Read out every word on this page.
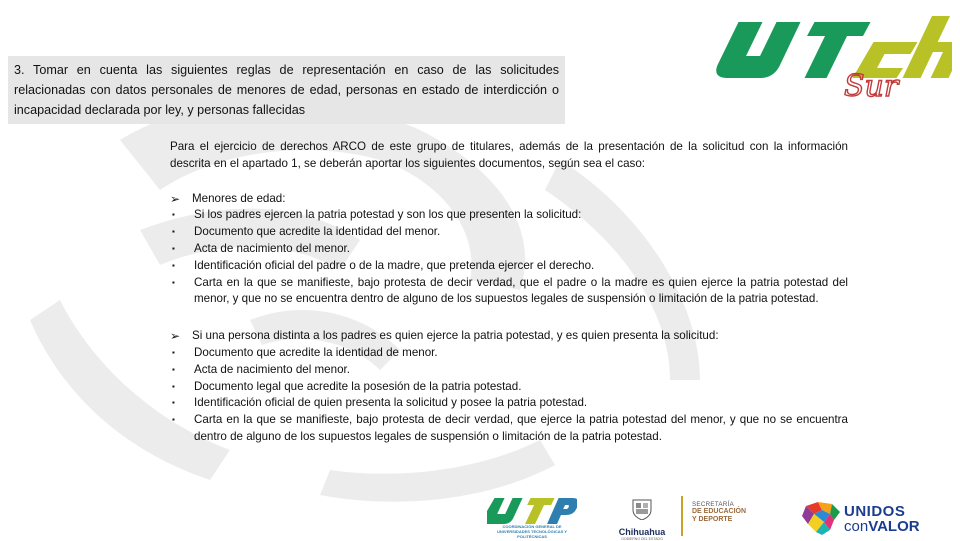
3. Tomar en cuenta las siguientes reglas de representación en caso de las solicitudes relacionadas con datos personales de menores de edad, personas en estado de interdicción o incapacidad declarada por ley, y personas fallecidas
Sur

Para el ejercicio de derechos ARCO de este grupo de titulares, además de la presentación de la solicitud con la información descrita en el apartado 1, se deberán aportar los siguientes documentos, según sea el caso:

➢	Menores de edad:
▪	Si los padres ejercen la patria potestad y son los que presenten la solicitud:
▪	Documento que acredite la identidad del menor.
▪	Acta de nacimiento del menor.
▪	Identificación oficial del padre o de la madre, que pretenda ejercer el derecho.
▪	Carta en la que se manifieste, bajo protesta de decir verdad, que el padre o la madre es quien ejerce la patria potestad del menor, y que no se encuentra dentro de alguno de los supuestos legales de suspensión o limitación de la patria potestad.
➢	Si una persona distinta a los padres es quien ejerce la patria potestad, y es quien presenta la solicitud:
▪	Documento que acredite la identidad de menor.
▪	Acta de nacimiento del menor.
▪	Documento legal que acredite la posesión de la patria potestad.
▪	Identificación oficial de quien presenta la solicitud y posee la patria potestad.
▪	Carta en la que se manifieste, bajo protesta de decir verdad, que ejerce la patria potestad del menor, y que no se encuentra dentro de alguno de los supuestos legales de suspensión o limitación de la patria potestad.
COORDINACIÓN GENERAL DE UNIVERSIDADES TECNOLÓGICAS Y POLITÉCNICAS	Chihuahua
GOBIERNO DEL ESTADO
SECRETARÍA
DE EDUCACIÓN
Y DEPORTE	UNIDOS
conVALOR
